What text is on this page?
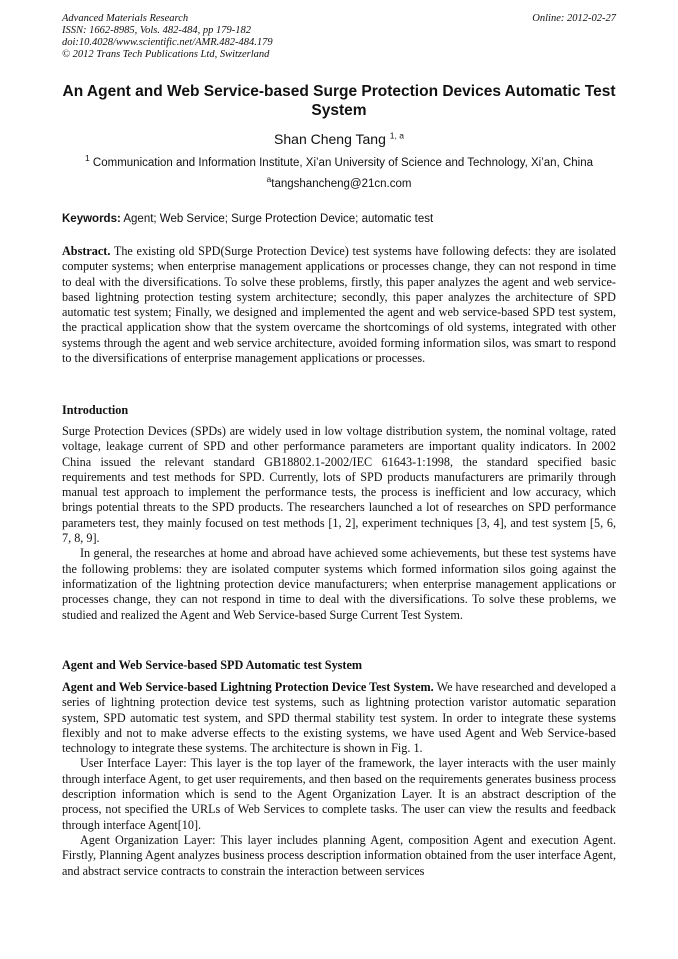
Advanced Materials Research
ISSN: 1662-8985, Vols. 482-484, pp 179-182
doi:10.4028/www.scientific.net/AMR.482-484.179
© 2012 Trans Tech Publications Ltd, Switzerland
Online: 2012-02-27
An Agent and Web Service-based Surge Protection Devices Automatic Test System
Shan Cheng Tang $^{1, a}$
$^1$ Communication and Information Institute, Xi’an University of Science and Technology, Xi’an, China
$^a$tangshancheng@21cn.com
Keywords: Agent; Web Service; Surge Protection Device; automatic test

Abstract. The existing old SPD(Surge Protection Device) test systems have following defects: they are isolated computer systems; when enterprise management applications or processes change, they can not respond in time to deal with the diversifications. To solve these problems, firstly, this paper analyzes the agent and web service-based lightning protection testing system architecture; secondly, this paper analyzes the architecture of SPD automatic test system; Finally, we designed and implemented the agent and web service-based SPD test system, the practical application show that the system overcame the shortcomings of old systems, integrated with other systems through the agent and web service architecture, avoided forming information silos, was smart to respond to the diversifications of enterprise management applications or processes.

Introduction

Surge Protection Devices (SPDs) are widely used in low voltage distribution system, the nominal voltage, rated voltage, leakage current of SPD and other performance parameters are important quality indicators. In 2002 China issued the relevant standard GB18802.1-2002/IEC 61643-1:1998, the standard specified basic requirements and test methods for SPD. Currently, lots of SPD products manufacturers are primarily through manual test approach to implement the performance tests, the process is inefficient and low accuracy, which brings potential threats to the SPD products. The researchers launched a lot of researches on SPD performance parameters test, they mainly focused on test methods [1, 2], experiment techniques [3, 4], and test system [5, 6, 7, 8, 9].

In general, the researches at home and abroad have achieved some achievements, but these test systems have the following problems: they are isolated computer systems which formed information silos going against the informatization of the lightning protection device manufacturers; when enterprise management applications or processes change, they can not respond in time to deal with the diversifications. To solve these problems, we studied and realized the Agent and Web Service-based Surge Current Test System.

Agent and Web Service-based SPD Automatic test System

Agent and Web Service-based Lightning Protection Device Test System. We have researched and developed a series of lightning protection device test systems, such as lightning protection varistor automatic separation system, SPD automatic test system, and SPD thermal stability test system. In order to integrate these systems flexibly and not to make adverse effects to the existing systems, we have used Agent and Web Service-based technology to integrate these systems. The architecture is shown in Fig. 1.

User Interface Layer: This layer is the top layer of the framework, the layer interacts with the user mainly through interface Agent, to get user requirements, and then based on the requirements generates business process description information which is send to the Agent Organization Layer. It is an abstract description of the process, not specified the URLs of Web Services to complete tasks. The user can view the results and feedback through interface Agent[10].

Agent Organization Layer: This layer includes planning Agent, composition Agent and execution Agent. Firstly, Planning Agent analyzes business process description information obtained from the user interface Agent, and abstract service contracts to constrain the interaction between services
